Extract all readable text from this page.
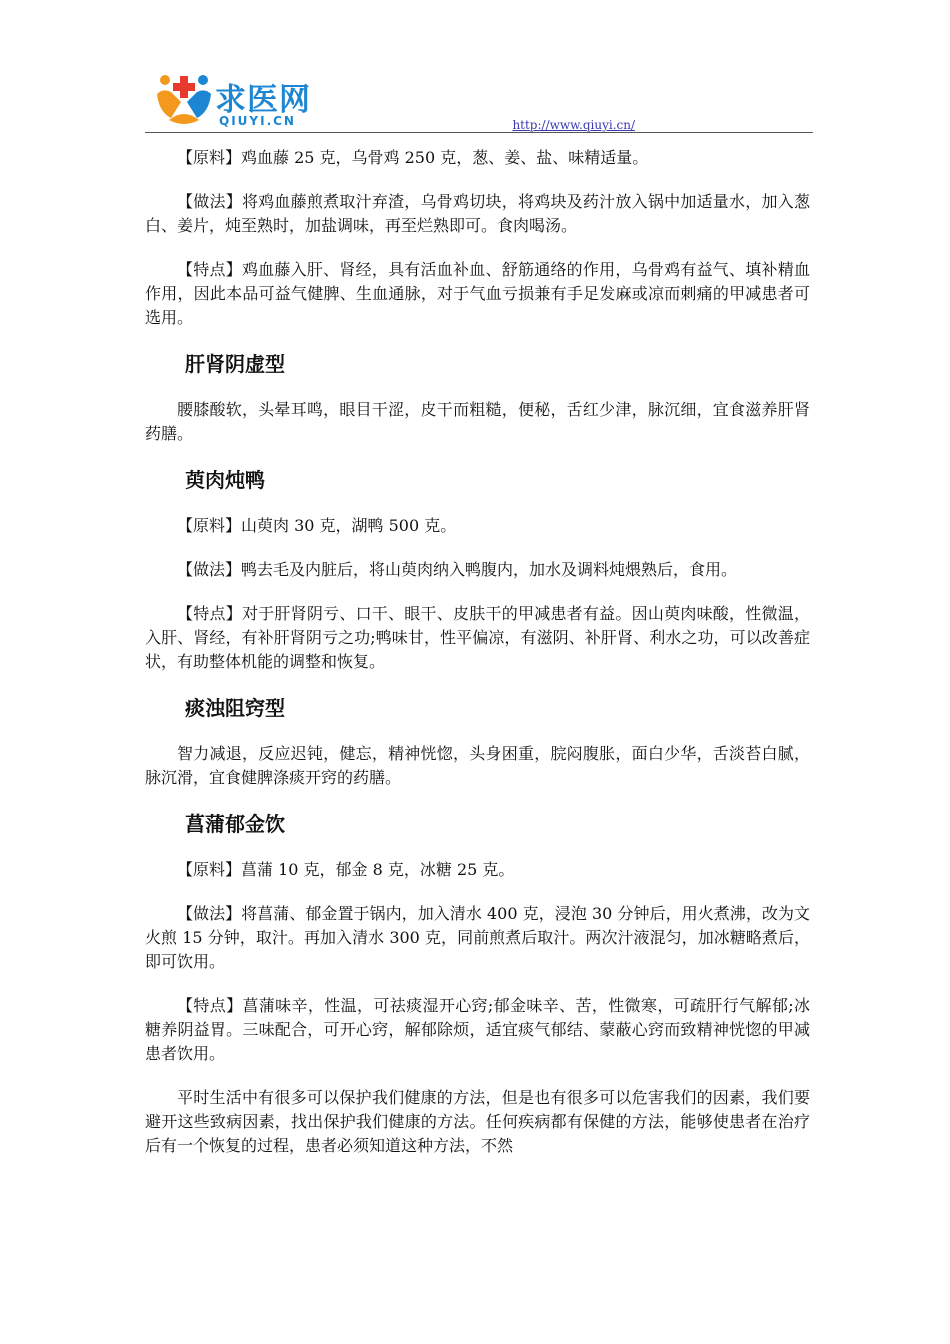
求医网
QIUYI.CN	http://www.qiuyi.cn/

【原料】鸡血藤 25 克，乌骨鸡 250 克，葱、姜、盐、味精适量。

【做法】将鸡血藤煎煮取汁弃渣，乌骨鸡切块，将鸡块及药汁放入锅中加适量水，加入葱白、姜片，炖至熟时，加盐调味，再至烂熟即可。食肉喝汤。

【特点】鸡血藤入肝、肾经，具有活血补血、舒筋通络的作用，乌骨鸡有益气、填补精血作用，因此本品可益气健脾、生血通脉，对于气血亏损兼有手足发麻或凉而刺痛的甲减患者可选用。

肝肾阴虚型

腰膝酸软，头晕耳鸣，眼目干涩，皮干而粗糙，便秘，舌红少津，脉沉细，宜食滋养肝肾药膳。

萸肉炖鸭

【原料】山萸肉 30 克，湖鸭 500 克。

【做法】鸭去毛及内脏后，将山萸肉纳入鸭腹内，加水及调料炖煨熟后，食用。

【特点】对于肝肾阴亏、口干、眼干、皮肤干的甲减患者有益。因山萸肉味酸，性微温，入肝、肾经，有补肝肾阴亏之功;鸭味甘，性平偏凉，有滋阴、补肝肾、利水之功，可以改善症状，有助整体机能的调整和恢复。

痰浊阻窍型

智力减退，反应迟钝，健忘，精神恍惚，头身困重，脘闷腹胀，面白少华，舌淡苔白腻，脉沉滑，宜食健脾涤痰开窍的药膳。

菖蒲郁金饮

【原料】菖蒲 10 克，郁金 8 克，冰糖 25 克。

【做法】将菖蒲、郁金置于锅内，加入清水 400 克，浸泡 30 分钟后，用火煮沸，改为文火煎 15 分钟，取汁。再加入清水 300 克，同前煎煮后取汁。两次汁液混匀，加冰糖略煮后，即可饮用。

【特点】菖蒲味辛，性温，可祛痰湿开心窍;郁金味辛、苦，性微寒，可疏肝行气解郁;冰糖养阴益胃。三味配合，可开心窍，解郁除烦，适宜痰气郁结、蒙蔽心窍而致精神恍惚的甲减患者饮用。

平时生活中有很多可以保护我们健康的方法，但是也有很多可以危害我们的因素，我们要避开这些致病因素，找出保护我们健康的方法。任何疾病都有保健的方法，能够使患者在治疗后有一个恢复的过程，患者必须知道这种方法，不然
